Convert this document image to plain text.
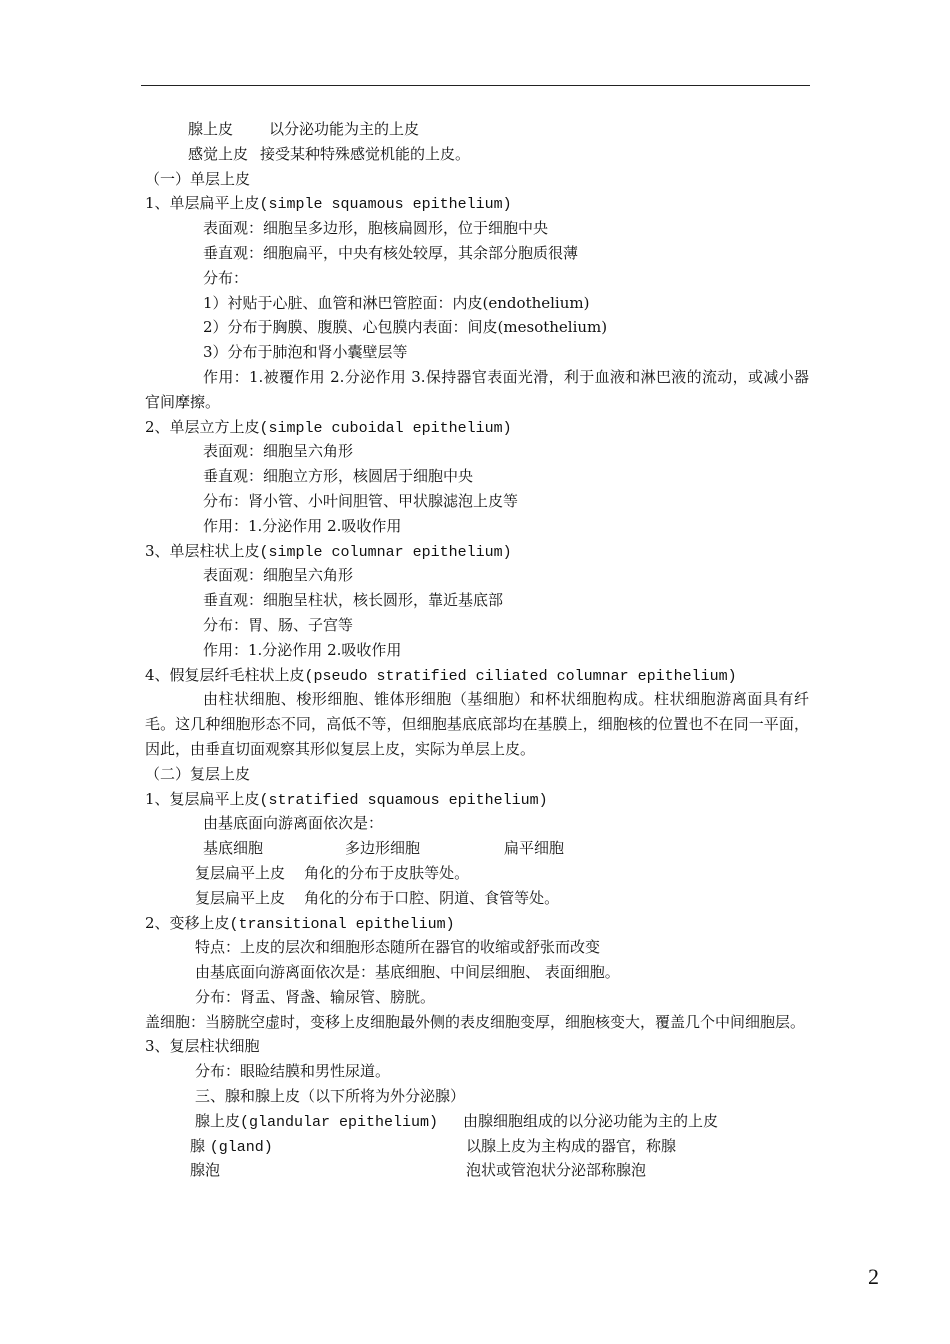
腺上皮 以分泌功能为主的上皮
感觉上皮 接受某种特殊感觉机能的上皮。
（一）单层上皮
1、单层扁平上皮(simple squamous epithelium)
表面观：细胞呈多边形，胞核扁圆形，位于细胞中央
垂直观：细胞扁平，中央有核处较厚，其余部分胞质很薄
分布：
1）衬贴于心脏、血管和淋巴管腔面：内皮(endothelium)
2）分布于胸膜、腹膜、心包膜内表面：间皮(mesothelium)
3）分布于肺泡和肾小囊壁层等
作用：1.被覆作用 2.分泌作用 3.保持器官表面光滑，利于血液和淋巴液的流动，或减小器官间摩擦。
2、单层立方上皮(simple cuboidal epithelium)
表面观：细胞呈六角形
垂直观：细胞立方形，核圆居于细胞中央
分布：肾小管、小叶间胆管、甲状腺滤泡上皮等
作用：1.分泌作用 2.吸收作用
3、单层柱状上皮(simple columnar epithelium)
表面观：细胞呈六角形
垂直观：细胞呈柱状，核长圆形，靠近基底部
分布：胃、肠、子宫等
作用：1.分泌作用 2.吸收作用
4、假复层纤毛柱状上皮(pseudo stratified ciliated columnar epithelium)
由柱状细胞、梭形细胞、锥体形细胞（基细胞）和杯状细胞构成。柱状细胞游离面具有纤毛。这几种细胞形态不同，高低不等，但细胞基底底部均在基膜上，细胞核的位置也不在同一平面，因此，由垂直切面观察其形似复层上皮，实际为单层上皮。
（二）复层上皮
1、复层扁平上皮(stratified squamous epithelium)
由基底面向游离面依次是：
基底细胞	多边形细胞	扁平细胞
复层扁平上皮    角化的分布于皮肤等处。
复层扁平上皮    角化的分布于口腔、阴道、食管等处。
2、变移上皮(transitional epithelium)
特点：上皮的层次和细胞形态随所在器官的收缩或舒张而改变
由基底面向游离面依次是：基底细胞、中间层细胞、 表面细胞。
分布：肾盂、肾盏、输尿管、膀胱。
盖细胞：当膀胱空虚时，变移上皮细胞最外侧的表皮细胞变厚，细胞核变大，覆盖几个中间细胞层。
3、复层柱状细胞
分布：眼睑结膜和男性尿道。
三、腺和腺上皮（以下所将为外分泌腺）
腺上皮(glandular epithelium) 由腺细胞组成的以分泌功能为主的上皮
腺 (gland)	以腺上皮为主构成的器官，称腺
腺泡	泡状或管泡状分泌部称腺泡
2
